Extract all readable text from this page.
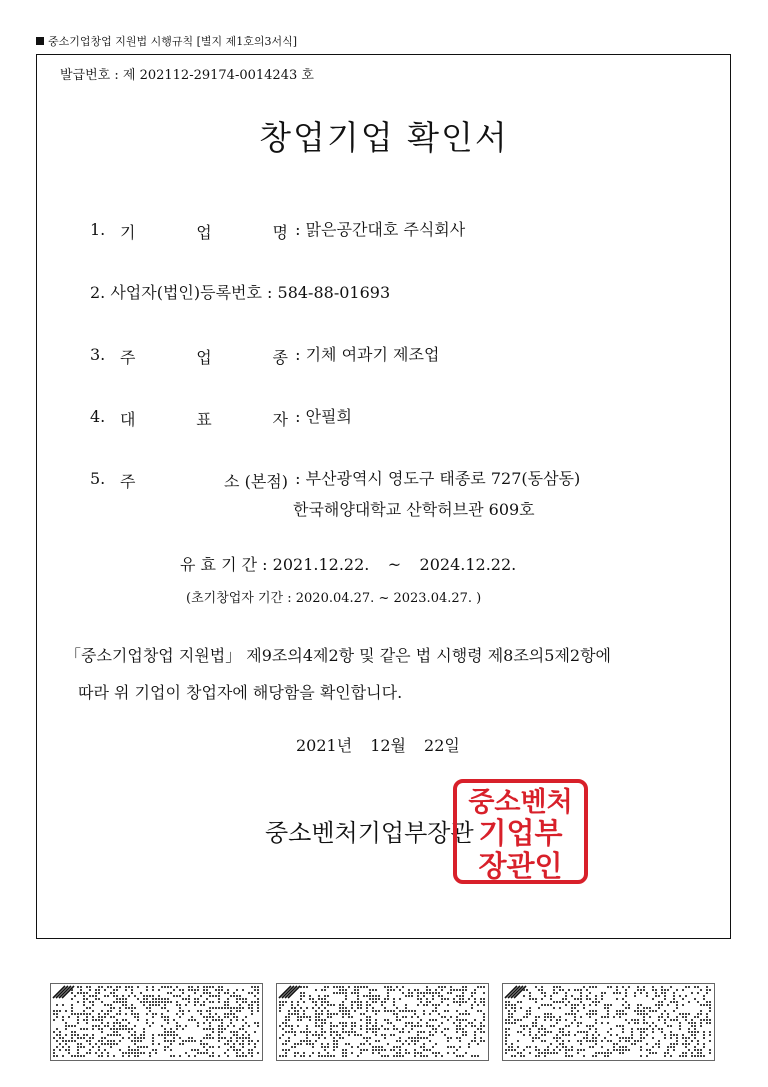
중소기업창업 지원법 시행규칙 [별지 제1호의3서식]
발급번호 : 제 202112-29174-0014243 호
창업기업 확인서
1. 기	업	명 : 맑은공간대호 주식회사
2. 사업자(법인)등록번호 : 584-88-01693
3. 주	업	종 : 기체 여과기 제조업
4. 대	표	자 : 안필희
5. 주	소 (본점) : 부산광역시 영도구 태종로 727(동삼동)
한국해양대학교 산학허브관 609호
유 효 기 간 : 2021.12.22. ~ 2024.12.22.
(초기창업자 기간 : 2020.04.27. ~ 2023.04.27. )
「중소기업창업 지원법」 제9조의4제2항 및 같은 법 시행령 제8조의5제2항에
따라 위 기업이 창업자에 해당함을 확인합니다.
2021년 12월 22일
중소벤처기업부장관
중소벤처
기업부
장관인
